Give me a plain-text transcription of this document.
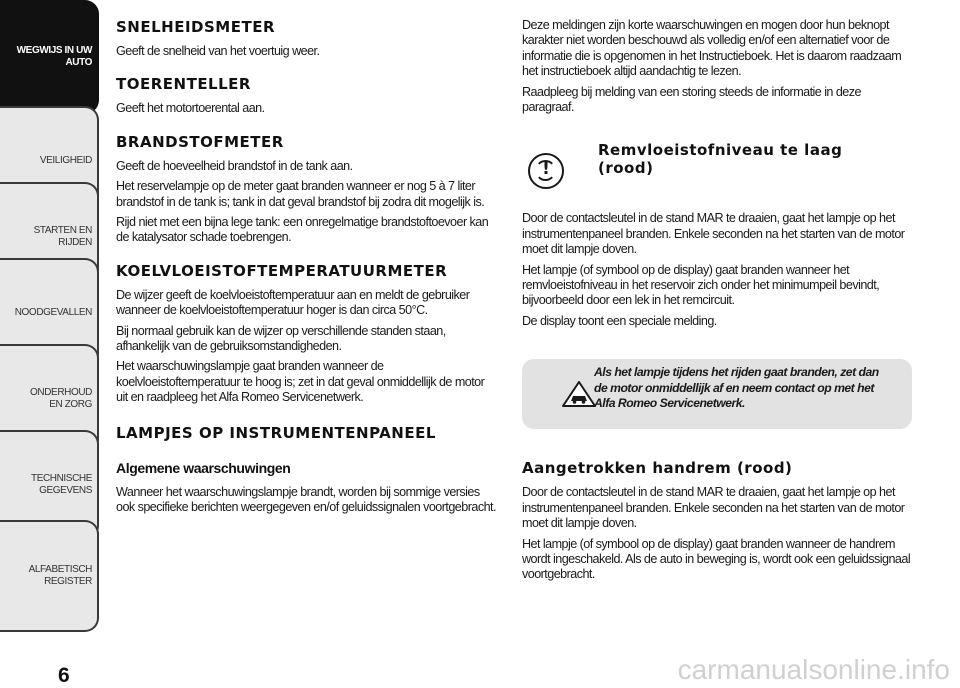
WEGWIJS IN UW AUTO
VEILIGHEID
STARTEN EN RIJDEN
NOODGEVALLEN
ONDERHOUD EN ZORG
TECHNISCHE GEGEVENS
ALFABETISCH REGISTER
6
SNELHEIDSMETER

Geeft de snelheid van het voertuig weer.

TOERENTELLER

Geeft het motortoerental aan.

BRANDSTOFMETER

Geeft de hoeveelheid brandstof in de tank aan.

Het reservelampje op de meter gaat branden wanneer er nog 5 à 7 liter brandstof in de tank is; tank in dat geval brandstof bij zodra dit mogelijk is.

Rijd niet met een bijna lege tank: een onregelmatige brandstoftoevoer kan de katalysator schade toebrengen.

KOELVLOEISTOFTEMPERATUURMETER

De wijzer geeft de koelvloeistoftemperatuur aan en meldt de gebruiker wanneer de koelvloeistoftemperatuur hoger is dan circa 50°C.

Bij normaal gebruik kan de wijzer op verschillende standen staan, afhankelijk van de gebruiksomstandigheden.

Het waarschuwingslampje gaat branden wanneer de koelvloeistoftemperatuur te hoog is; zet in dat geval onmiddellijk de motor uit en raadpleeg het Alfa Romeo Servicenetwerk.

LAMPJES OP INSTRUMENTENPANEEL
Algemene waarschuwingen

Wanneer het waarschuwingslampje brandt, worden bij sommige versies ook specifieke berichten weergegeven en/of geluidssignalen voortgebracht.

Deze meldingen zijn korte waarschuwingen en mogen door hun beknopt karakter niet worden beschouwd als volledig en/of een alternatief voor de informatie die is opgenomen in het Instructieboek. Het is daarom raadzaam het instructieboek altijd aandachtig te lezen.

Raadpleeg bij melding van een storing steeds de informatie in deze paragraaf.

!
Remvloeistofniveau te laag (rood)

Door de contactsleutel in de stand MAR te draaien, gaat het lampje op het instrumentenpaneel branden. Enkele seconden na het starten van de motor moet dit lampje doven.

Het lampje (of symbool op de display) gaat branden wanneer het remvloeistofniveau in het reservoir zich onder het minimumpeil bevindt, bijvoorbeeld door een lek in het remcircuit.

De display toont een speciale melding.

Als het lampje tijdens het rijden gaat branden, zet dan de motor onmiddellijk af en neem contact op met het Alfa Romeo Servicenetwerk.
Aangetrokken handrem (rood)

Door de contactsleutel in de stand MAR te draaien, gaat het lampje op het instrumentenpaneel branden. Enkele seconden na het starten van de motor moet dit lampje doven.

Het lampje (of symbool op de display) gaat branden wanneer de handrem wordt ingeschakeld. Als de auto in beweging is, wordt ook een geluidssignaal voortgebracht.

carmanualsonline.info
